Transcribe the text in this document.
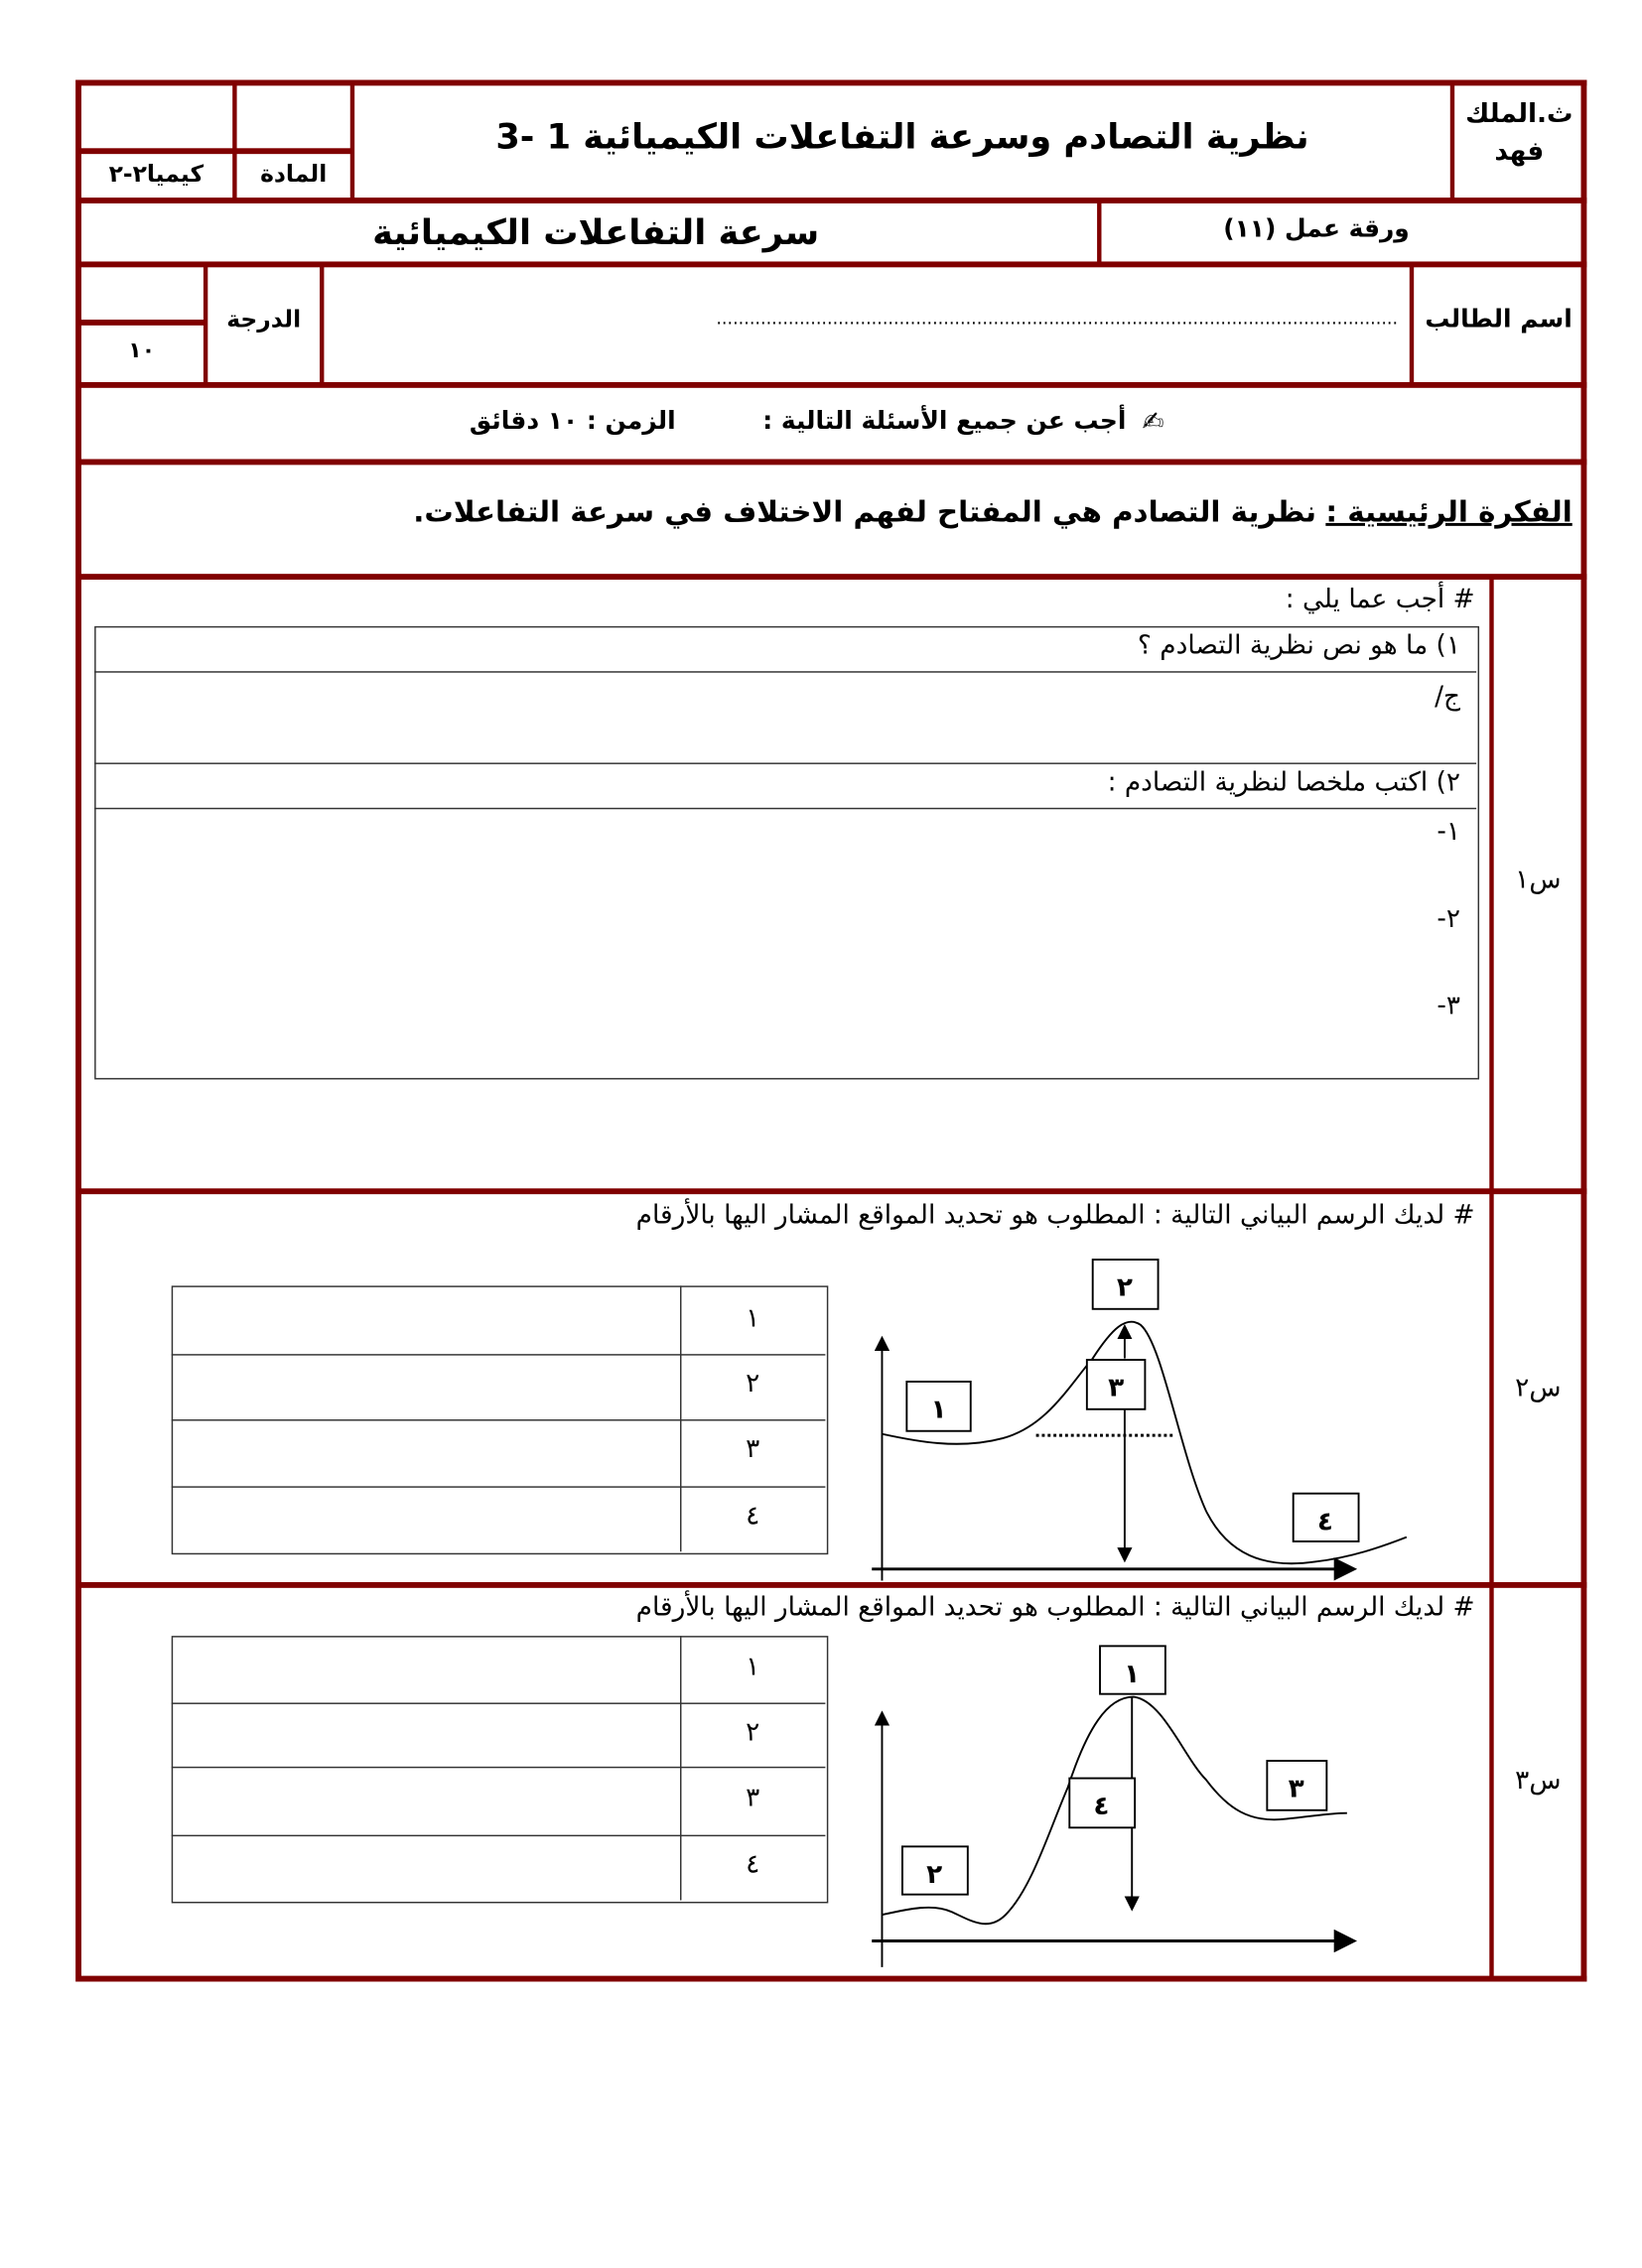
ث.الملك فهد
نظرية التصادم وسرعة التفاعلات الكيميائية 1 -3
المادة
كيميا٢-٢
سرعة التفاعلات الكيميائية	ورقة عمل (١١)
اسم الطالب
...........................................................................................................................
الدرجة
١٠
✍
أجب عن جميع الأسئلة التالية :
الزمن : ١٠ دقائق
الفكرة الرئيسية : نظرية التصادم هي المفتاح لفهم الاختلاف في سرعة التفاعلات.
س١
# أجب عما يلي :
١) ما هو نص نظرية التصادم ؟
ج/
٢) اكتب ملخصا لنظرية التصادم :
١-
٢-
٣-
س٢
# لديك الرسم البياني التالية : المطلوب هو تحديد المواقع المشار اليها بالأرقام
١
٢
٣
٤
س٣
# لديك الرسم البياني التالية : المطلوب هو تحديد المواقع المشار اليها بالأرقام
١
٢
٣
٤
١
٢
٣
٤
١
٢
٣
٤
